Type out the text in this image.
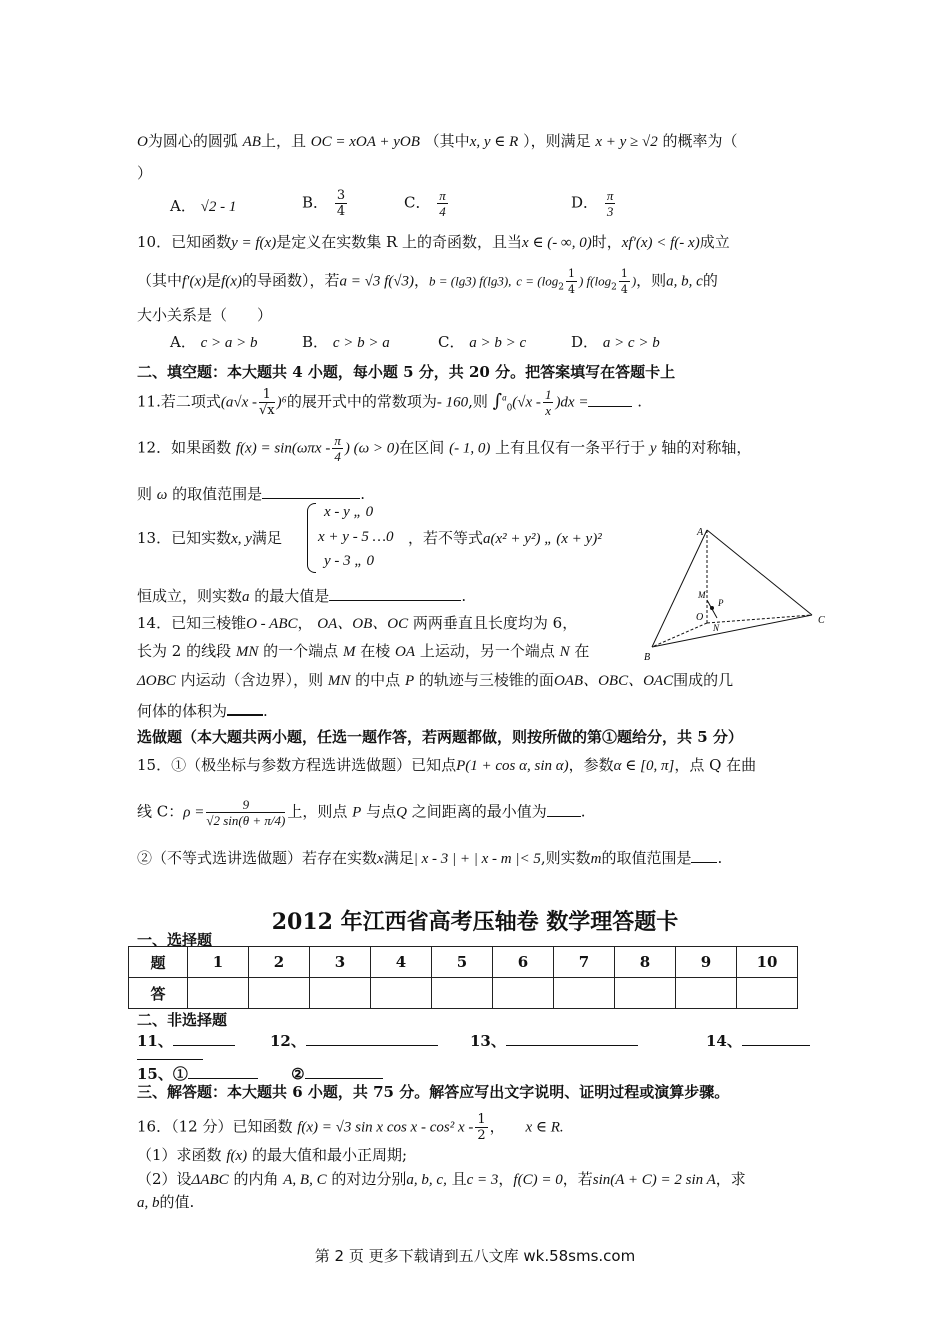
O为圆心的圆弧 AB上，且 OC = xOA + yOB （其中x, y ∈ R ），则满足 x + y ≥ √2 的概率为（
）
A． √2 - 1	B． $\frac{3}{4}$	C． $\frac{\pi}{4}$	D． $\frac{\pi}{3}$
10．已知函数y = f(x)是定义在实数集 R 上的奇函数，且当x ∈ (- ∞, 0)时，xf′(x) < f(- x)成立
（其中f′(x)是f(x)的导函数），若a = √3 f(√3)，b = (lg3) f(lg3), $c = (\log_2 \frac{1}{4}$ ) $f(\log_2 \frac{1}{4}$ )，则a, b, c的
大小关系是（　　）
A． c > a > b	B． c > b > a	C． a > b > c	D． a > c > b
二、填空题：本大题共 4 小题，每小题 5 分，共 20 分。把答案填写在答题卡上
11.若二项式$(a√x - \frac{1}{√x} )^6$的展开式中的常数项为- 160,则 $\int^a_0(√x - \frac{1}{x} )dx$ =	.
12．如果函数 $f(x) = \sin(\omega\pi x - \frac{\pi}{4}$ ) (ω > 0)在区间 (- 1, 0) 上有且仅有一条平行于 y 轴的对称轴，
则 ω 的取值范围是	.
13．已知实数x, y满足
x - y „ 0
x + y - 5 …0
y - 3 „ 0
，若不等式a(x² + y²) „ (x + y)²
恒成立，则实数a 的最大值是	.
14．已知三棱锥O - ABC， OA、OB、OC 两两垂直且长度均为 6，
长为 2 的线段 MN 的一个端点 M 在棱 OA 上运动，另一个端点 N 在
ΔOBC 内运动（含边界），则 MN 的中点 P 的轨迹与三棱锥的面OAB、OBC、OAC围成的几
何体的体积为 .
A
B
C
O
M
N
P
选做题（本大题共两小题，任选一题作答，若两题都做，则按所做的第①题给分，共 5 分）
15．①（极坐标与参数方程选讲选做题）已知点P(1 + cos α, sin α)，参数α ∈ [0, π]，点 Q 在曲
线 C：$\rho = \frac{9}{√2 \sin(\theta + \pi/4)}$ 上，则点 P 与点Q 之间距离的最小值为 .
②（不等式选讲选做题）若存在实数x满足| x - 3 | + | x - m |< 5,则实数m的取值范围是 .
2012 年江西省高考压轴卷 数学理答题卡
一、选择题
题	1	2	3	4	5	6	7	8	9	10
答										
二、非选择题
11、	12、	13、	14、
15、①	②
三、解答题：本大题共 6 小题，共 75 分。解答应写出文字说明、证明过程或演算步骤。
16．（12 分）已知函数 f(x) = √3 sin x cos x - cos² x - $\frac{1}{2}$ ， x ∈ R.
（1）求函数 f(x) 的最大值和最小正周期;
（2）设ΔABC 的内角 A, B, C 的对边分别a, b, c, 且c = 3，f(C) = 0，若sin(A + C) = 2 sin A，求
a, b的值.
第 2 页 更多下载请到五八文库 wk.58sms.com
